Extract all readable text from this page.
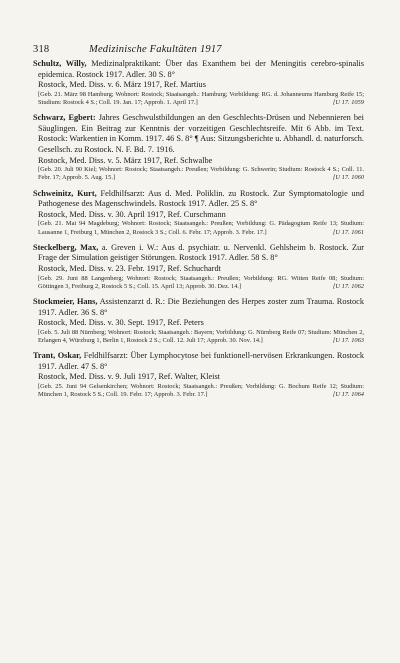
318	Medizinische Fakultäten 1917
Schultz, Willy, Medizinalpraktikant: Über das Exanthem bei der Meningitis cerebro-spinalis epidemica. Rostock 1917. Adler. 30 S. 8°
Rostock, Med. Diss. v. 6. März 1917, Ref. Martius
[Geb. 21. März 98 Hamburg; Wohnort: Rostock; Staatsangeh.: Hamburg; Vorbildung: RG. d. Johanneums Hamburg Reife 15; Studium: Rostock 4 S.; Coll. 19. Jan. 17; Approb. 1. April 17.]	[U 17. 1059
Schwarz, Egbert: Jahres Geschwulstbildungen an den Geschlechts-Drüsen und Nebennieren bei Säuglingen. Ein Beitrag zur Kenntnis der vorzeitigen Geschlechtsreife. Mit 6 Abb. im Text. Rostock: Warkentien in Komm. 1917. 46 S. 8° ¶ Aus: Sitzungsberichte u. Abhandl. d. naturforsch. Gesellsch. zu Rostock. N. F. Bd. 7. 1916.
Rostock, Med. Diss. v. 5. März 1917, Ref. Schwalbe
[Geb. 20. Juli 90 Kiel; Wohnort: Rostock; Staatsangeh.: Preußen; Vorbildung: G. Schwerin; Studium: Rostock 4 S.; Coll. 11. Febr. 17; Approb. 5. Aug. 15.]	[U 17. 1060
Schweinitz, Kurt, Feldhilfsarzt: Aus d. Med. Poliklin. zu Rostock. Zur Symptomatologie und Pathogenese des Magenschwindels. Rostock 1917. Adler. 25 S. 8°
Rostock, Med. Diss. v. 30. April 1917, Ref. Curschmann
[Geb. 21. Mai 94 Magdeburg; Wohnort: Rostock; Staatsangeh.: Preußen; Vorbildung: G. Pädagogium Reife 13; Studium: Lausanne 1, Freiburg 1, München 2, Rostock 3 S.; Coll. 6. Febr. 17; Approb. 3. Febr. 17.]	[U 17. 1061
Steckelberg, Max, a. Greven i. W.: Aus d. psychiatr. u. Nervenkl. Gehlsheim b. Rostock. Zur Frage der Simulation geistiger Störungen. Rostock 1917. Adler. 58 S. 8°
Rostock, Med. Diss. v. 23. Febr. 1917, Ref. Schuchardt
[Geb. 29. Juni 88 Langenberg; Wohnort: Rostock; Staatsangeh.: Preußen; Vorbildung: RG. Witten Reife 08; Studium: Göttingen 3, Freiburg 2, Rostock 5 S.; Coll. 15. April 13; Approb. 30. Dez. 14.]	[U 17. 1062
Stockmeier, Hans, Assistenzarzt d. R.: Die Beziehungen des Herpes zoster zum Trauma. Rostock 1917. Adler. 36 S. 8°
Rostock, Med. Diss. v. 30. Sept. 1917, Ref. Peters
[Geb. 5. Juli 88 Nürnberg; Wohnort: Rostock; Staatsangeh.: Bayern; Vorbildung: G. Nürnberg Reife 07; Studium: München 2, Erlangen 4, Würzburg 1, Berlin 1, Rostock 2 S.; Coll. 12. Juli 17; Approb. 30. Nov. 14.]	[U 17. 1063
Trant, Oskar, Feldhilfsarzt: Über Lymphocytose bei funktionell-nervösen Erkrankungen. Rostock 1917. Adler. 47 S. 8°
Rostock, Med. Diss. v. 9. Juli 1917, Ref. Walter, Kleist
[Geb. 25. Juni 94 Gelsenkirchen; Wohnort: Rostock; Staatsangeh.: Preußen; Vorbildung: G. Bochum Reife 12; Studium: München 1, Rostock 5 S.; Coll. 19. Febr. 17; Approb. 3. Febr. 17.]	[U 17. 1064
